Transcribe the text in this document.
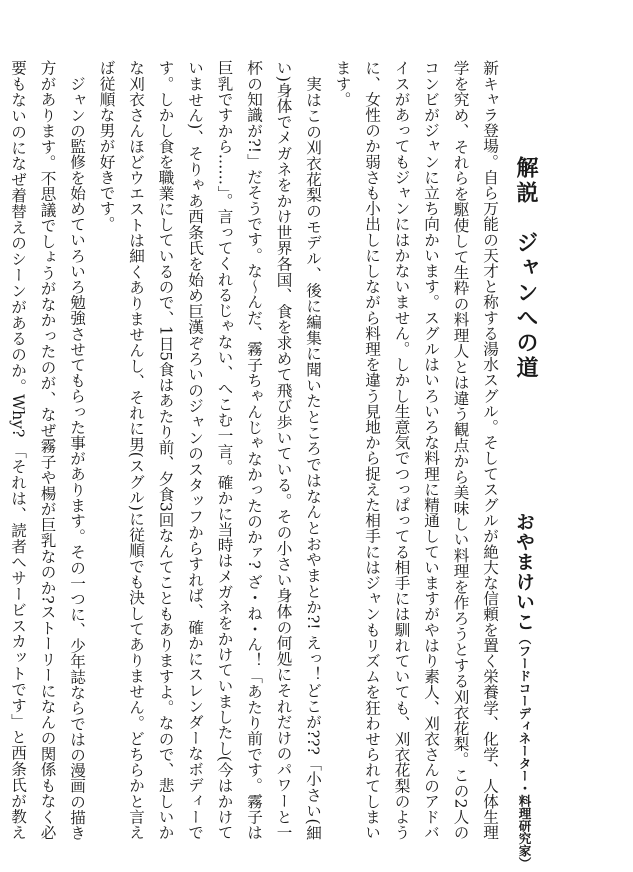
解説　ジャンへの道
おやまけいこ（フードコーディネーター・料理研究家）

新キャラ登場。自ら万能の天才と称する湯水スグル。そしてスグルが絶大な信頼を置く栄養学、化学、人体生理学を究め、それらを駆使して生粋の料理人とは違う観点から美味しい料理を作ろうとする刈衣花梨。この2人のコンビがジャンに立ち向かいます。スグルはいろいろな料理に精通していますがやはり素人、刈衣さんのアドバイスがあってもジャンにはかないません。しかし生意気でつっぱってる相手には馴れていても、刈衣花梨のように、女性のか弱さも小出しにしながら料理を違う見地から捉えた相手にはジャンもリズムを狂わせられてしまいます。

実はこの刈衣花梨のモデル、後に編集に聞いたところではなんとおやまとか?! えっ！どこが???「小さい(細い)身体でメガネをかけ世界各国、食を求めて飛び歩いている。その小さい身体の何処にそれだけのパワーと一杯の知識が?!」だそうです。な～んだ、霧子ちゃんじゃなかったのかァ? ざ・ね・ん！「あたり前です。霧子は巨乳ですから……」。言ってくれるじゃない、へこむ一言。確かに当時はメガネをかけていましたし(今はかけていません)、そりゃあ西条氏を始め巨漢ぞろいのジャンのスタッフからすれば、確かにスレンダーなボディーです。しかし食を職業にしているので、1日5食はあたり前、夕食3回なんてこともありますよ。なので、悲しいかな刈衣さんほどウエストは細くありませんし、それに男(スグル)に従順でも決してありません。どちらかと言えば従順な男が好きです。

ジャンの監修を始めていろいろ勉強させてもらった事があります。その一つに、少年誌ならではの漫画の描き方があります。不思議でしょうがなかったのが、なぜ霧子や楊が巨乳なのか?ストーリーになんの関係もなく必要もないのになぜ着替えのシーンがあるのか。Why? 「それは、読者へサービスカットです」と西条氏が教え
